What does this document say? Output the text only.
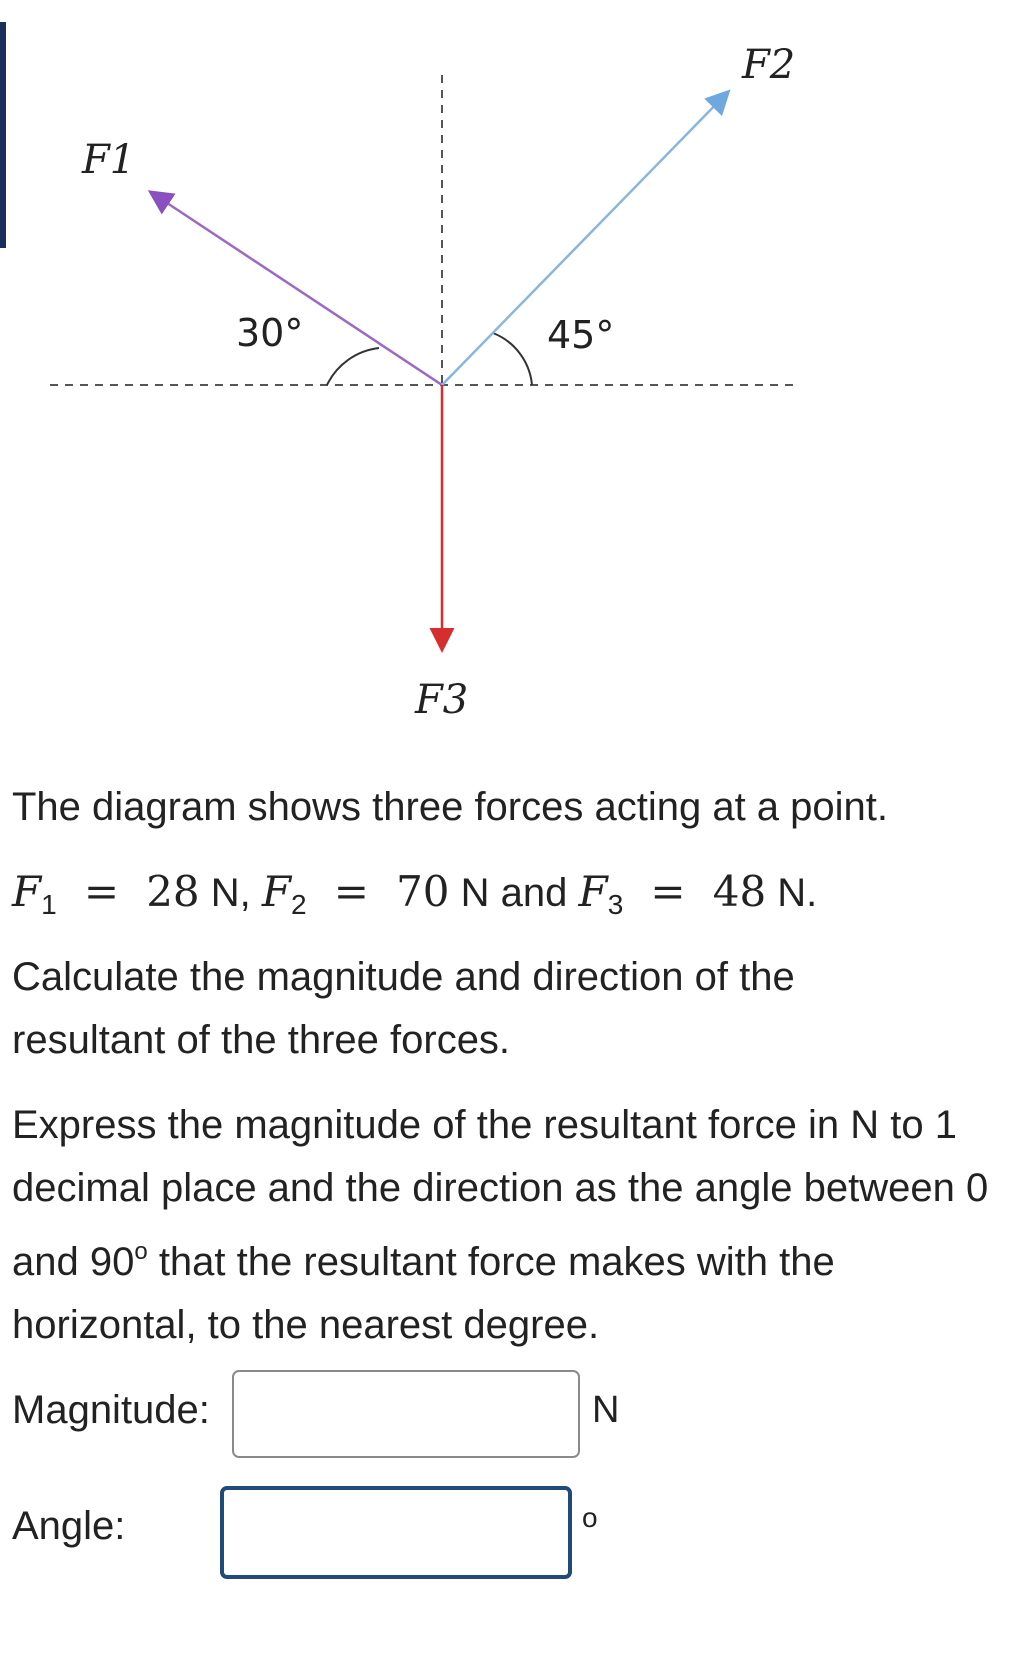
F1
F2
F3
30°	45°
The diagram shows three forces acting at a point.
$F_1 = 28$ N, $F_2 = 70$ N and $F_3 = 48$ N.
Calculate the magnitude and direction of the resultant of the three forces.
Express the magnitude of the resultant force in N to 1 decimal place and the direction as the angle between 0 and 90$^o$ that the resultant force makes with the horizontal, to the nearest degree.
Magnitude:	N
Angle:	o
